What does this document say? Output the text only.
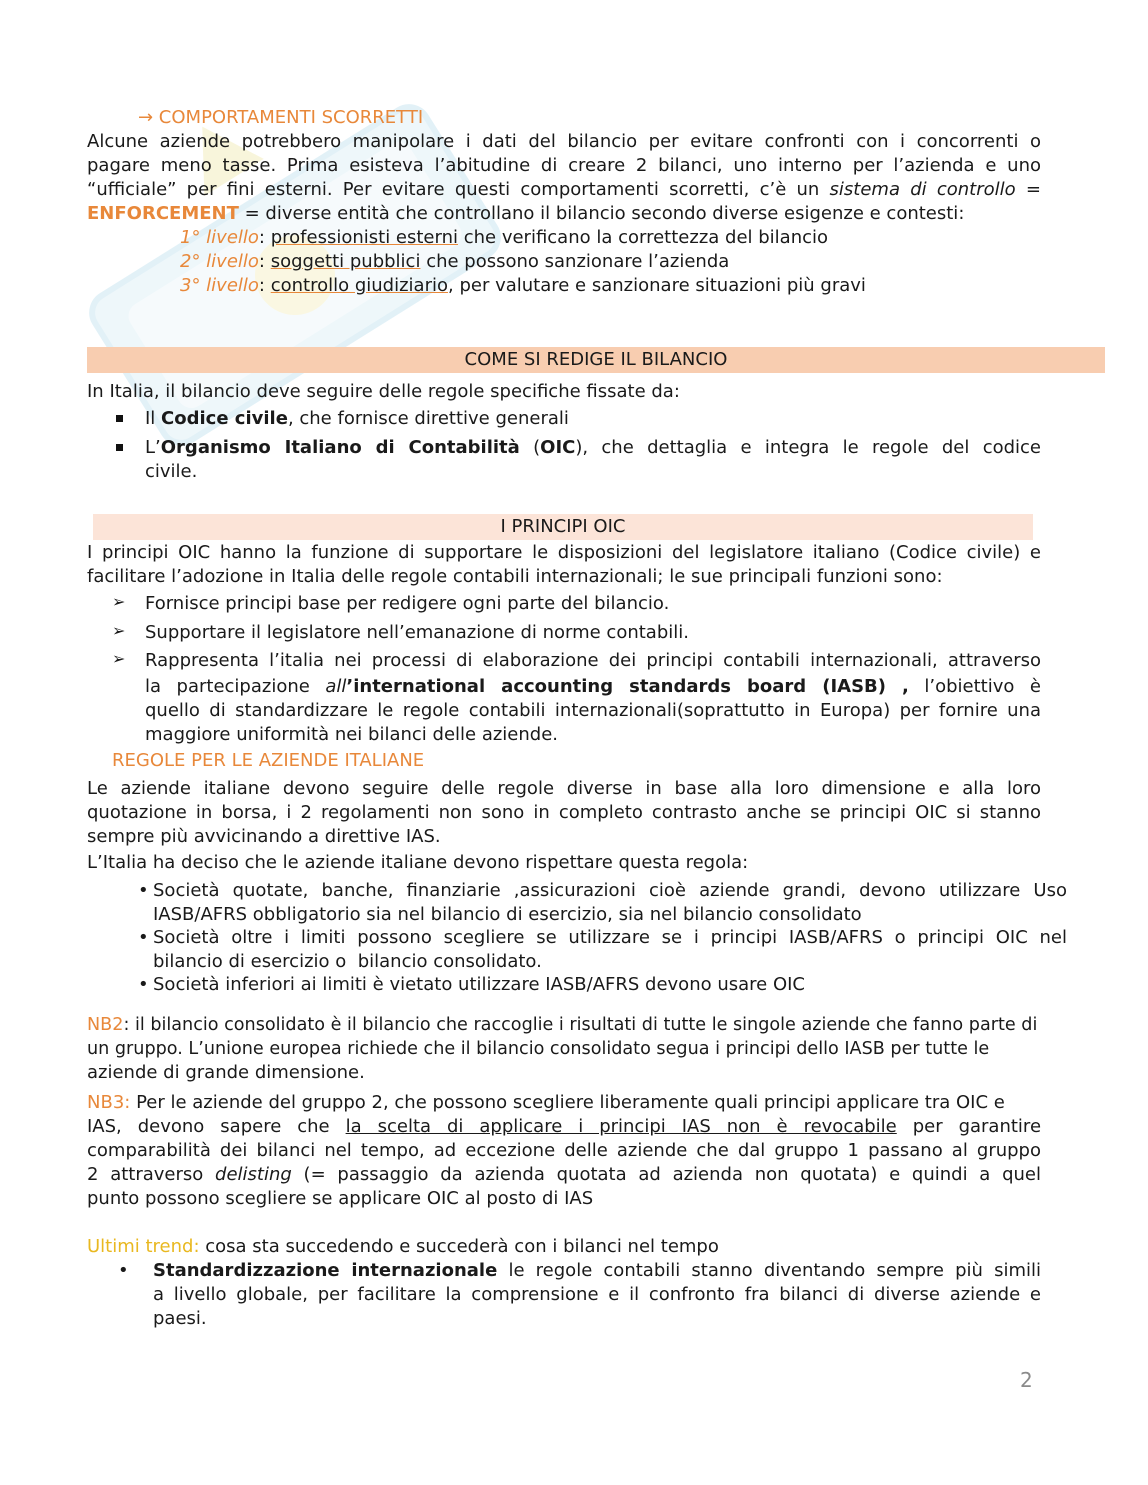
→ COMPORTAMENTI SCORRETTI
Alcune aziende potrebbero manipolare i dati del bilancio per evitare confronti con i concorrenti o
pagare meno tasse. Prima esisteva l’abitudine di creare 2 bilanci, uno interno per l’azienda e uno
“ufficiale” per fini esterni. Per evitare questi comportamenti scorretti, c’è un sistema di controllo =
ENFORCEMENT = diverse entità che controllano il bilancio secondo diverse esigenze e contesti:
1° livello: professionisti esterni che verificano la correttezza del bilancio
2° livello: soggetti pubblici che possono sanzionare l’azienda
3° livello: controllo giudiziario, per valutare e sanzionare situazioni più gravi
COME SI REDIGE IL BILANCIO
In Italia, il bilancio deve seguire delle regole specifiche fissate da:
Il Codice civile, che fornisce direttive generali
L’Organismo Italiano di Contabilità (OIC), che dettaglia e integra le regole del codice
civile.
I PRINCIPI OIC
I principi OIC hanno la funzione di supportare le disposizioni del legislatore italiano (Codice civile) e
facilitare l’adozione in Italia delle regole contabili internazionali; le sue principali funzioni sono:
➢ Fornisce principi base per redigere ogni parte del bilancio.
➢ Supportare il legislatore nell’emanazione di norme contabili.
➢ Rappresenta l’italia nei processi di elaborazione dei principi contabili internazionali, attraverso
la partecipazione all’international accounting standards board (IASB) , l’obiettivo è
quello di standardizzare le regole contabili internazionali(soprattutto in Europa) per fornire una
maggiore uniformità nei bilanci delle aziende.
REGOLE PER LE AZIENDE ITALIANE
Le aziende italiane devono seguire delle regole diverse in base alla loro dimensione e alla loro
quotazione in borsa, i 2 regolamenti non sono in completo contrasto anche se principi OIC si stanno
sempre più avvicinando a direttive IAS.
L’Italia ha deciso che le aziende italiane devono rispettare questa regola:
• Società quotate, banche, finanziarie ,assicurazioni cioè aziende grandi, devono utilizzare Uso
IASB/AFRS obbligatorio sia nel bilancio di esercizio, sia nel bilancio consolidato
• Società oltre i limiti possono scegliere se utilizzare se i principi IASB/AFRS o principi OIC nel
bilancio di esercizio o  bilancio consolidato.
• Società inferiori ai limiti è vietato utilizzare IASB/AFRS devono usare OIC
NB2: il bilancio consolidato è il bilancio che raccoglie i risultati di tutte le singole aziende che fanno parte di
un gruppo. L’unione europea richiede che il bilancio consolidato segua i principi dello IASB per tutte le
aziende di grande dimensione.
NB3: Per le aziende del gruppo 2, che possono scegliere liberamente quali principi applicare tra OIC e
IAS, devono sapere che la scelta di applicare i principi IAS non è revocabile per garantire
comparabilità dei bilanci nel tempo, ad eccezione delle aziende che dal gruppo 1 passano al gruppo
2 attraverso delisting (= passaggio da azienda quotata ad azienda non quotata) e quindi a quel
punto possono scegliere se applicare OIC al posto di IAS
Ultimi trend: cosa sta succedendo e succederà con i bilanci nel tempo
• Standardizzazione internazionale le regole contabili stanno diventando sempre più simili
a livello globale, per facilitare la comprensione e il confronto fra bilanci di diverse aziende e
paesi.
2
